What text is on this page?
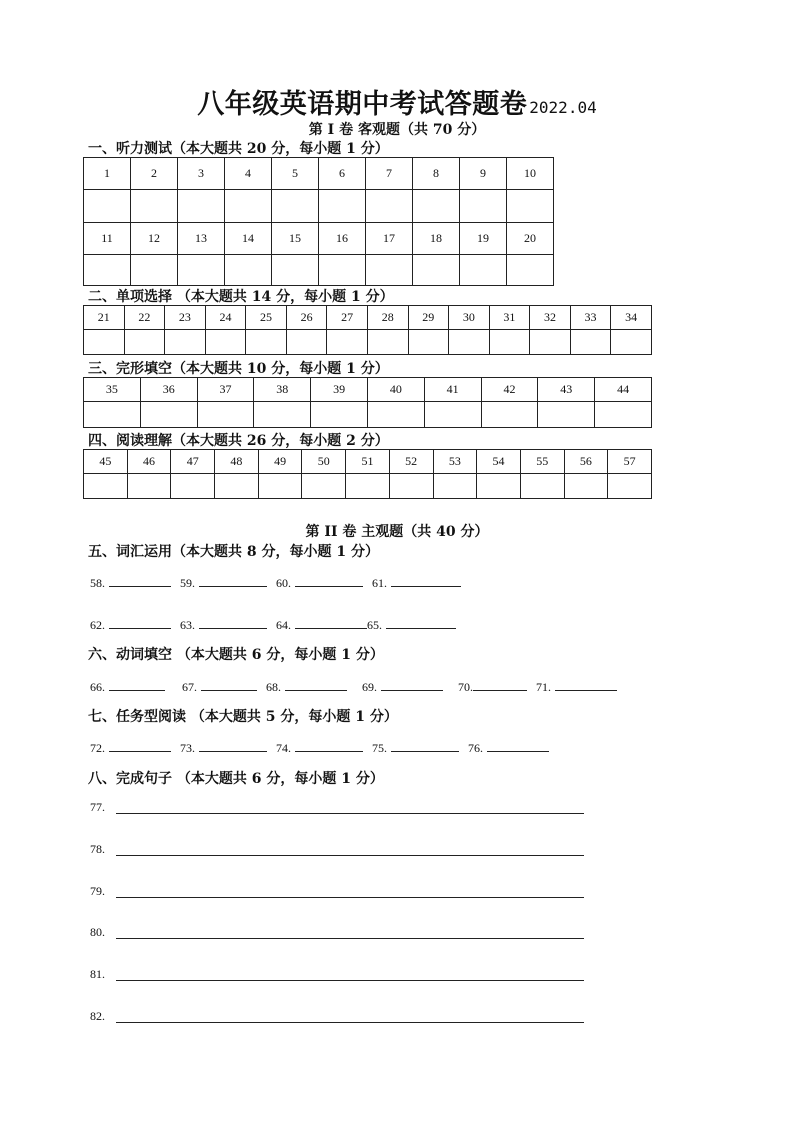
八年级英语期中考试答题卷 2022.04
第 I 卷 客观题（共 70 分）
一、听力测试（本大题共 20 分，每小题 1 分）
1	2	3	4	5	6	7	8	9	10

11	12	13	14	15	16	17	18	19	20

二、单项选择 （本大题共 14 分，每小题 1 分）
21	22	23	24	25	26	27	28	29	30	31	32	33	34

三、完形填空（本大题共 10 分，每小题 1 分）
35	36	37	38	39	40	41	42	43	44

四、阅读理解（本大题共 26 分，每小题 2 分）
45	46	47	48	49	50	51	52	53	54	55	56	57

第 II 卷 主观题（共 40 分）
五、词汇运用（本大题共 8 分，每小题 1 分）
58.	59.	60.	61.
62.	63.	64.	65.
六、动词填空 （本大题共 6 分，每小题 1 分）
66.	67.	68.	69.	70.	71.
七、任务型阅读 （本大题共 5 分，每小题 1 分）
72.	73.	74.	75.	76.
八、完成句子 （本大题共 6 分，每小题 1 分）
77.
78.
79.
80.
81.
82.
